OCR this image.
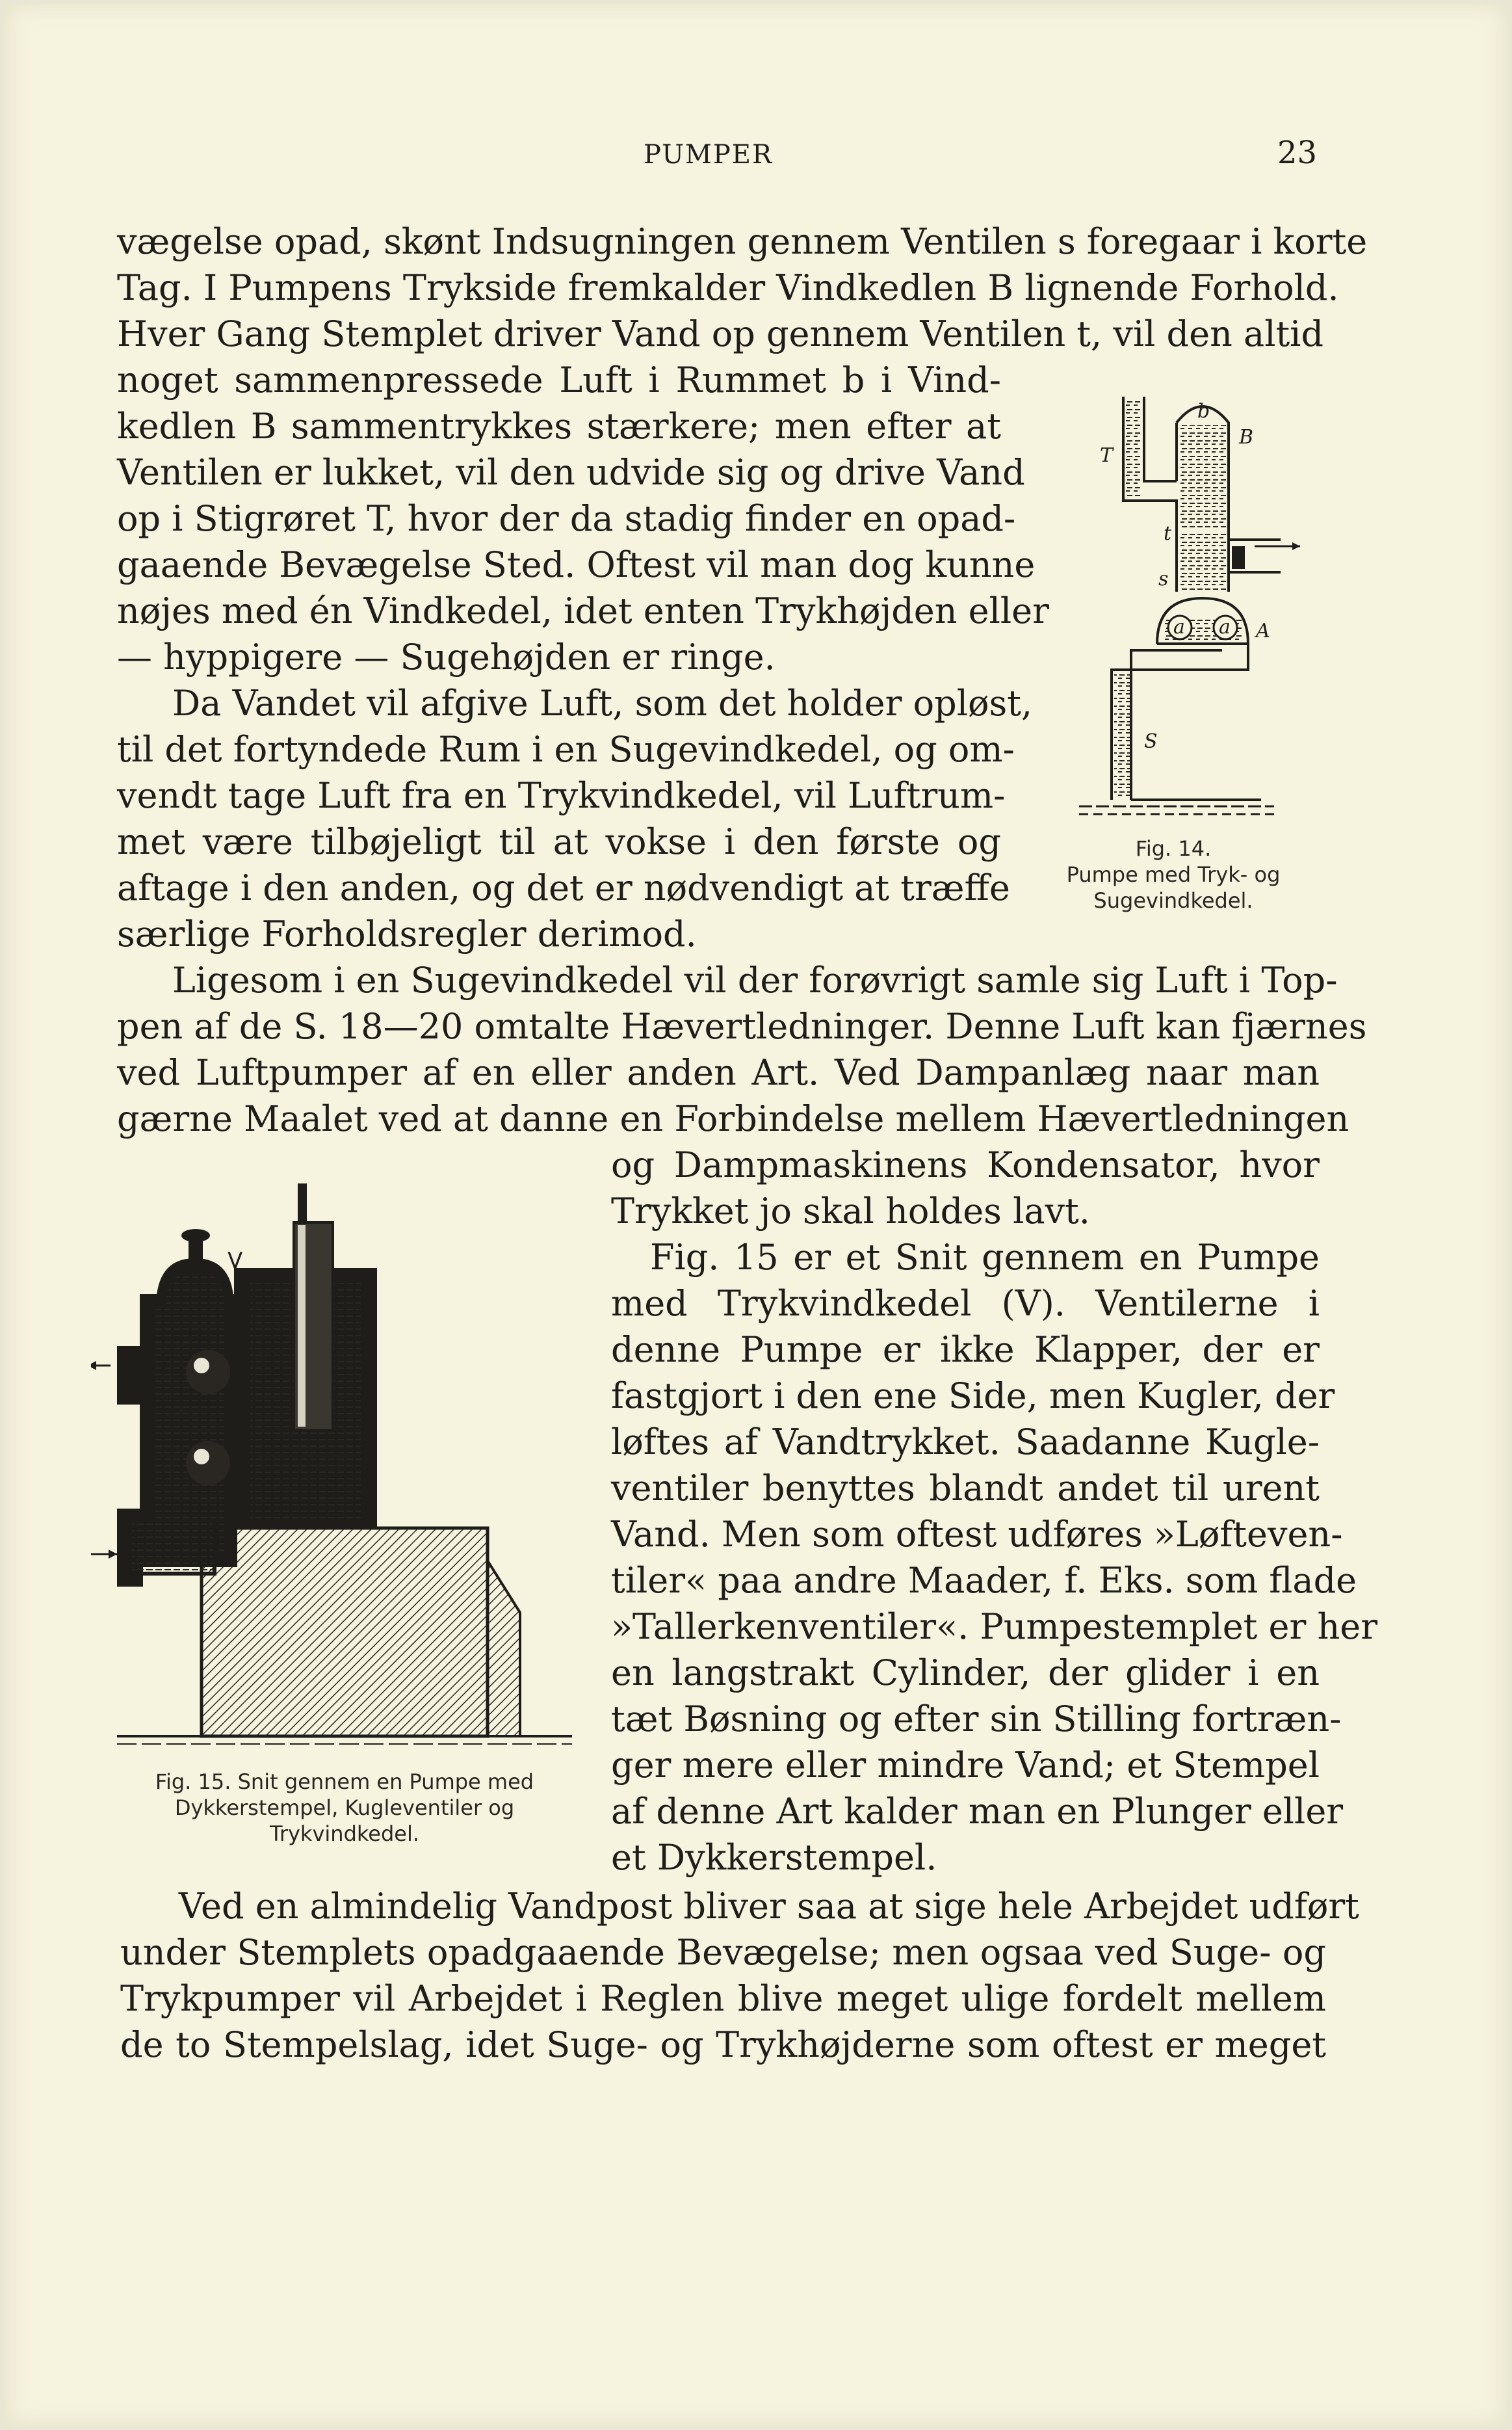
PUMPER	23
vægelse opad, skønt Indsugningen gennem Ventilen s foregaar i korte
Tag. I Pumpens Trykside fremkalder Vindkedlen B lignende Forhold.
Hver Gang Stemplet driver Vand op gennem Ventilen t, vil den altid
noget sammenpressede Luft i Rummet b i Vind-
kedlen B sammentrykkes stærkere; men efter at
Ventilen er lukket, vil den udvide sig og drive Vand
op i Stigrøret T, hvor der da stadig finder en opad-
gaaende Bevægelse Sted. Oftest vil man dog kunne
nøjes med én Vindkedel, idet enten Trykhøjden eller
— hyppigere — Sugehøjden er ringe.
Da Vandet vil afgive Luft, som det holder opløst,
til det fortyndede Rum i en Sugevindkedel, og om-
vendt tage Luft fra en Trykvindkedel, vil Luftrum-
met være tilbøjeligt til at vokse i den første og
aftage i den anden, og det er nødvendigt at træffe
særlige Forholdsregler derimod.
Ligesom i en Sugevindkedel vil der forøvrigt samle sig Luft i Top-
pen af de S. 18—20 omtalte Hævertledninger. Denne Luft kan fjærnes
ved Luftpumper af en eller anden Art. Ved Dampanlæg naar man
gærne Maalet ved at danne en Forbindelse mellem Hævertledningen
og Dampmaskinens Kondensator, hvor
Trykket jo skal holdes lavt.
Fig. 15 er et Snit gennem en Pumpe
med Trykvindkedel (V). Ventilerne i
denne Pumpe er ikke Klapper, der er
fastgjort i den ene Side, men Kugler, der
løftes af Vandtrykket. Saadanne Kugle-
ventiler benyttes blandt andet til urent
Vand. Men som oftest udføres »Løfteven-
tiler« paa andre Maader, f. Eks. som flade
»Tallerkenventiler«. Pumpestemplet er her
en langstrakt Cylinder, der glider i en
tæt Bøsning og efter sin Stilling fortræn-
ger mere eller mindre Vand; et Stempel
af denne Art kalder man en Plunger eller
et Dykkerstempel.
Ved en almindelig Vandpost bliver saa at sige hele Arbejdet udført
under Stemplets opadgaaende Bevægelse; men ogsaa ved Suge- og
Trykpumper vil Arbejdet i Reglen blive meget ulige fordelt mellem
de to Stempelslag, idet Suge- og Trykhøjderne som oftest er meget
T
b
B
t
s
a a A
S
Fig. 14.
Pumpe med Tryk- og
Sugevindkedel.
V
Fig. 15. Snit gennem en Pumpe med
Dykkerstempel, Kugleventiler og
Trykvindkedel.
